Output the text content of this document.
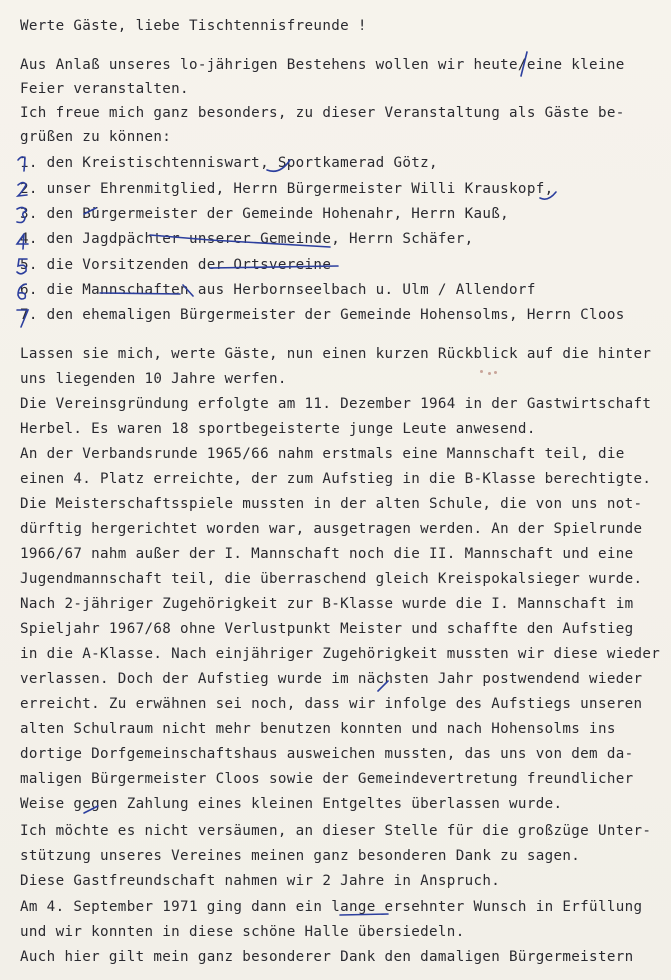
Werte Gäste, liebe Tischtennisfreunde !
Aus Anlaß unseres lo-jährigen Bestehens wollen wir heute/eine kleine
Feier veranstalten.
Ich freue mich ganz besonders, zu dieser Veranstaltung als Gäste be-
grüßen zu können:
1. den Kreistischtenniswart, Sportkamerad Götz,
2. unser Ehrenmitglied, Herrn Bürgermeister Willi Krauskopf,
3. den Bürgermeister der Gemeinde Hohenahr, Herrn Kauß,
4. den Jagdpächter unserer Gemeinde, Herrn Schäfer,
5. die Vorsitzenden der Ortsvereine
6. die Mannschaften aus Herbornseelbach u. Ulm / Allendorf
7. den ehemaligen Bürgermeister der Gemeinde Hohensolms, Herrn Cloos
Lassen sie mich, werte Gäste, nun einen kurzen Rückblick auf die hinter
uns liegenden 10 Jahre werfen.
Die Vereinsgründung erfolgte am 11. Dezember 1964 in der Gastwirtschaft
Herbel. Es waren 18 sportbegeisterte junge Leute anwesend.
An der Verbandsrunde 1965/66 nahm erstmals eine Mannschaft teil, die
einen 4. Platz erreichte, der zum Aufstieg in die B-Klasse berechtigte.
Die Meisterschaftsspiele mussten in der alten Schule, die von uns not-
dürftig hergerichtet worden war, ausgetragen werden. An der Spielrunde
1966/67 nahm außer der I. Mannschaft noch die II. Mannschaft und eine
Jugendmannschaft teil, die überraschend gleich Kreispokalsieger wurde.
Nach 2-jähriger Zugehörigkeit zur B-Klasse wurde die I. Mannschaft im
Spieljahr 1967/68 ohne Verlustpunkt Meister und schaffte den Aufstieg
in die A-Klasse. Nach einjähriger Zugehörigkeit mussten wir diese wieder
verlassen. Doch der Aufstieg wurde im nächsten Jahr postwendend wieder
erreicht. Zu erwähnen sei noch, dass wir infolge des Aufstiegs unseren
alten Schulraum nicht mehr benutzen konnten und nach Hohensolms ins
dortige Dorfgemeinschaftshaus ausweichen mussten, das uns von dem da-
maligen Bürgermeister Cloos sowie der Gemeindevertretung freundlicher
Weise gegen Zahlung eines kleinen Entgeltes überlassen wurde.
Ich möchte es nicht versäumen, an dieser Stelle für die großzüge Unter-
stützung unseres Vereines meinen ganz besonderen Dank zu sagen.
Diese Gastfreundschaft nahmen wir 2 Jahre in Anspruch.
Am 4. September 1971 ging dann ein lange ersehnter Wunsch in Erfüllung
und wir konnten in diese schöne Halle übersiedeln.
Auch hier gilt mein ganz besonderer Dank den damaligen Bürgermeistern
